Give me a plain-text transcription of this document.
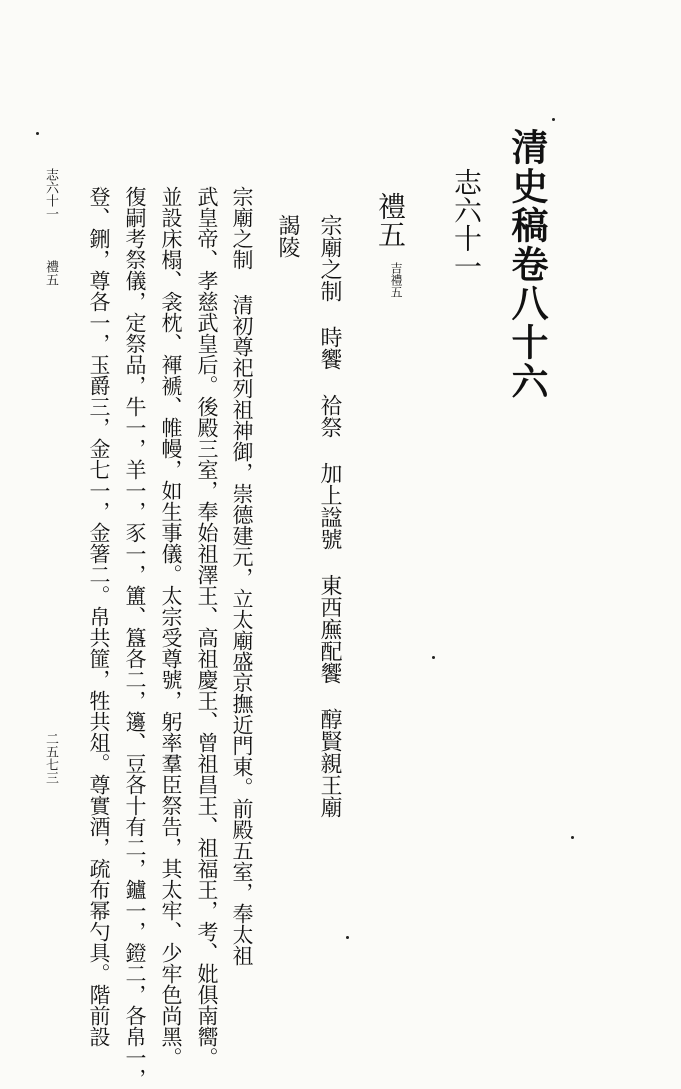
清史稿卷八十六
志六十一
禮五
吉禮五
宗廟之制時饗祫祭加上諡號東西廡配饗醇賢親王廟
謁陵
宗廟之制 清初尊祀列祖神御，崇德建元，立太廟盛京撫近門東。前殿五室，奉太祖
武皇帝、孝慈武皇后。後殿三室，奉始祖澤王、高祖慶王、曾祖昌王、祖福王，考、妣俱南嚮。
並設床榻、衾枕、褌褫、帷幔，如生事儀。太宗受尊號，躬率羣臣祭告，其太牢、少牢色尚黑。
復嗣考祭儀，定祭品，牛一，羊一，豕一，簠、簋各二，籩、豆各十有二，鑪一，鐙二，各帛一，
登、鉶，尊各一，玉爵三，金七一，金箸二。帛共篚，牲共俎。尊實酒，疏布幂勺具。階前設
志六十一禮五
二五七三
